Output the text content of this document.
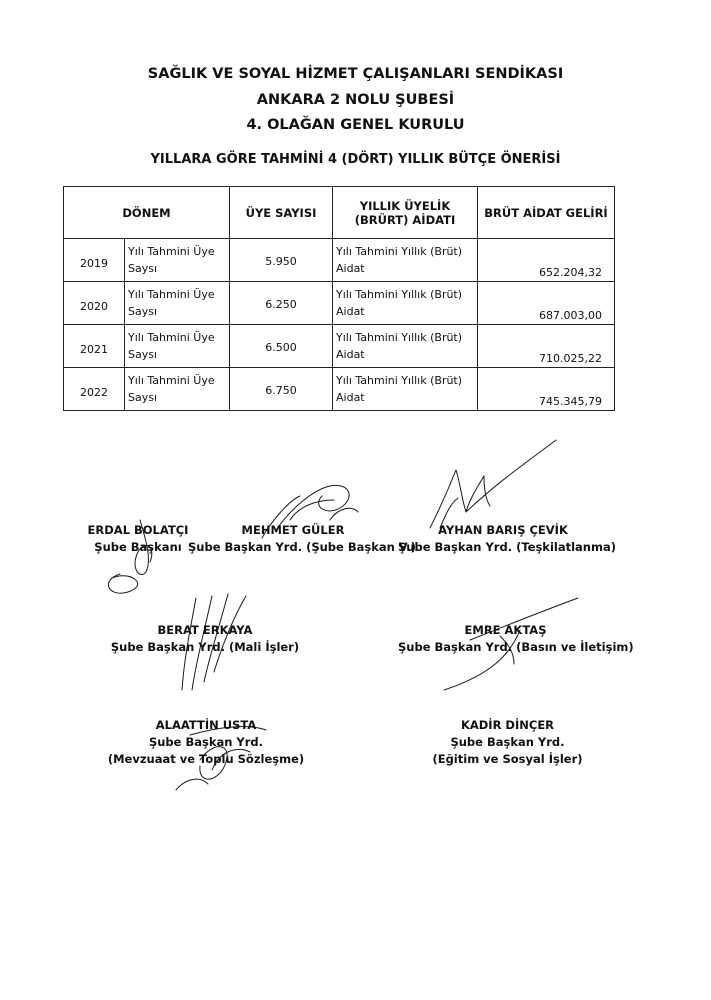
SAĞLIK VE SOYAL HİZMET ÇALIŞANLARI SENDİKASI
ANKARA 2 NOLU ŞUBESİ
4. OLAĞAN GENEL KURULU
YILLARA GÖRE TAHMİNİ 4 (DÖRT) YILLIK BÜTÇE ÖNERİSİ
DÖNEM		ÜYE SAYISI	YILLIK ÜYELİK (BRÜRT) AİDATI	BRÜT AİDAT GELİRİ
2019	Yılı Tahmini Üye Saysı	5.950	Yılı Tahmini Yıllık (Brüt) Aidat	652.204,32
2020	Yılı Tahmini Üye Saysı	6.250	Yılı Tahmini Yıllık (Brüt) Aidat	687.003,00
2021	Yılı Tahmini Üye Saysı	6.500	Yılı Tahmini Yıllık (Brüt) Aidat	710.025,22
2022	Yılı Tahmini Üye Saysı	6.750	Yılı Tahmini Yıllık (Brüt) Aidat	745.345,79
ERDAL BOLATÇI
Şube Başkanı
MEHMET GÜLER
Şube Başkan Yrd. (Şube Başkan V.)
AYHAN BARIŞ ÇEVİK
Şube Başkan Yrd. (Teşkilatlanma)
BERAT ERKAYA
Şube Başkan Yrd. (Mali İşler)
EMRE AKTAŞ
Şube Başkan Yrd. (Basın ve İletişim)
ALAATTİN USTA
Şube Başkan Yrd.
(Mevzuaat ve Toplu Sözleşme)
KADİR DİNÇER
Şube Başkan Yrd.
(Eğitim ve Sosyal İşler)
